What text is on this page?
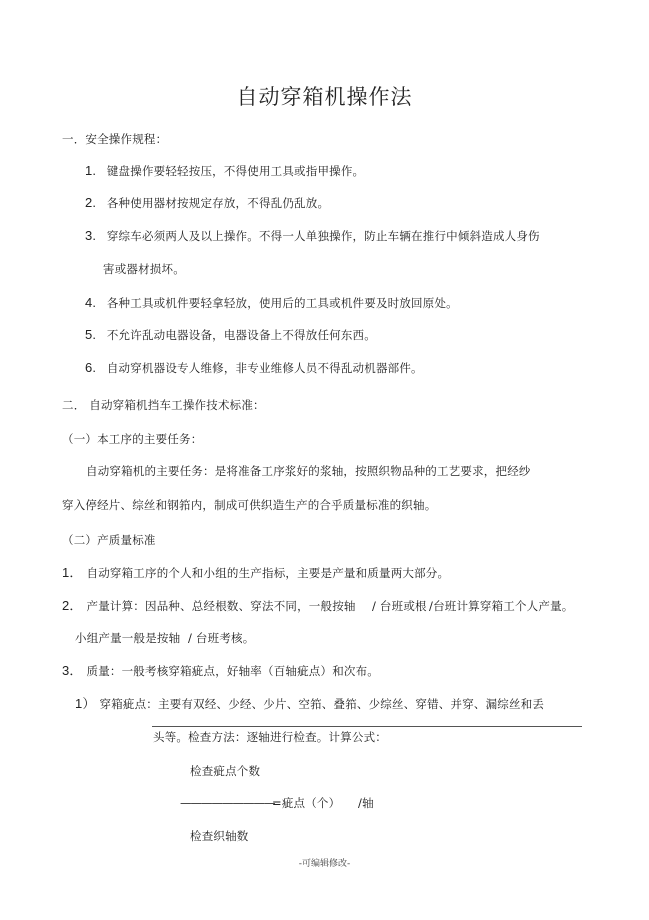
自动穿箱机操作法
一．安全操作规程：
1. 键盘操作要轻轻按压，不得使用工具或指甲操作。
2. 各种使用器材按规定存放，不得乱仍乱放。
3. 穿综车必须两人及以上操作。不得一人单独操作，防止车辆在推行中倾斜造成人身伤
害或器材损坏。
4. 各种工具或机件要轻拿轻放，使用后的工具或机件要及时放回原处。
5. 不允许乱动电器设备，电器设备上不得放任何东西。
6. 自动穿机器设专人维修，非专业维修人员不得乱动机器部件。
二． 自动穿箱机挡车工操作技术标准：
（一）本工序的主要任务：
自动穿箱机的主要任务：是将准备工序浆好的浆轴，按照织物品种的工艺要求，把经纱
穿入停经片、综丝和钢筘内，制成可供织造生产的合乎质量标准的织轴。
（二）产质量标准
1． 自动穿箱工序的个人和小组的生产指标，主要是产量和质量两大部分。
2． 产量计算：因品种、总经根数、穿法不同，一般按轴 / 台班或根 /台班计算穿箱工个人产量。
小组产量一般是按轴 / 台班考核。
3． 质量：一般考核穿箱疵点，好轴率（百轴疵点）和次布。
1） 穿箱疵点：主要有双经、少经、少片、空筘、叠筘、少综丝、穿错、并穿、漏综丝和丢
头等。检查方法：逐轴进行检查。计算公式：
检查疵点个数
—————————
=疵点（个） /轴
检查织轴数
-可编辑修改-
